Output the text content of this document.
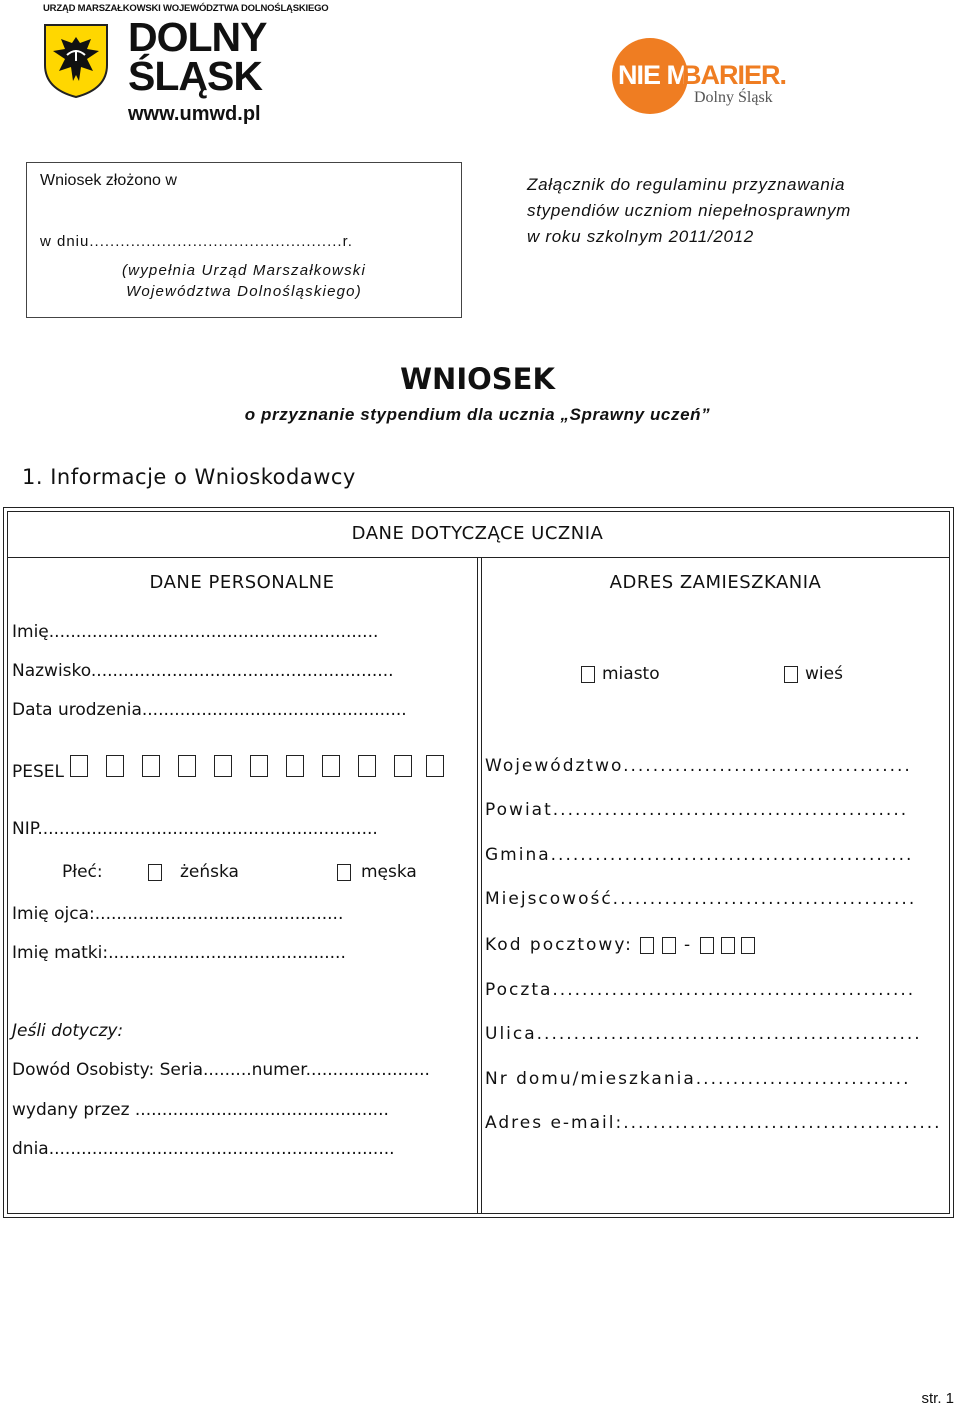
URZĄD MARSZAŁKOWSKI WOJEWÓDZTWA DOLNOŚLĄSKIEGO
DOLNY
ŚLĄSK
www.umwd.pl
NIE MA
BARIER.
Dolny Śląsk
Wniosek złożono w
w dniu.................................................r.
(wypełnia Urząd Marszałkowski
Województwa Dolnośląskiego)
Załącznik do regulaminu przyznawania
stypendiów uczniom niepełnosprawnym
w roku szkolnym 2011/2012
WNIOSEK
o przyznanie stypendium dla ucznia „Sprawny uczeń”
1. Informacje o Wnioskodawcy
DANE DOTYCZĄCE UCZNIA
DANE PERSONALNE	ADRES ZAMIESZKANIA
Imię.............................................................
Nazwisko........................................................
Data urodzenia.................................................
PESEL
NIP...............................................................
Płeć:	żeńska	męska
Imię ojca:..............................................
Imię matki:............................................
Jeśli dotyczy:
Dowód Osobisty: Seria.........numer.......................
wydany przez ...............................................
dnia................................................................
miasto	wieś
Województwo.......................................
Powiat................................................
Gmina.................................................
Miejscowość.........................................
Kod pocztowy:	-
Poczta.................................................
Ulica....................................................
Nr domu/mieszkania.............................
Adres e-mail:...........................................
str. 1
